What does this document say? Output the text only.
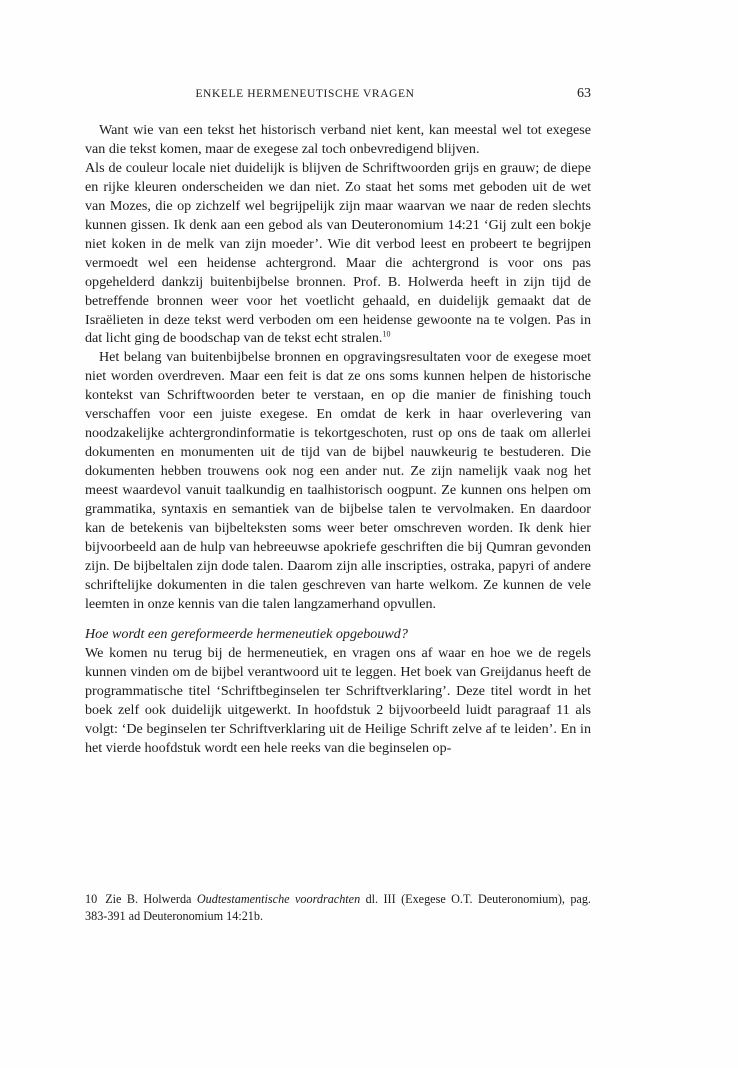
ENKELE HERMENEUTISCHE VRAGEN	63

Want wie van een tekst het historisch verband niet kent, kan meestal wel tot exegese van die tekst komen, maar de exegese zal toch onbevredigend blijven.

Als de couleur locale niet duidelijk is blijven de Schriftwoorden grijs en grauw; de diepe en rijke kleuren onderscheiden we dan niet. Zo staat het soms met geboden uit de wet van Mozes, die op zichzelf wel begrijpelijk zijn maar waarvan we naar de reden slechts kunnen gissen. Ik denk aan een gebod als van Deuteronomium 14:21 ‘Gij zult een bokje niet koken in de melk van zijn moeder’. Wie dit verbod leest en probeert te begrijpen vermoedt wel een heidense achtergrond. Maar die achtergrond is voor ons pas opgehelderd dankzij buitenbijbelse bronnen. Prof. B. Holwerda heeft in zijn tijd de betreffende bronnen weer voor het voetlicht gehaald, en duidelijk gemaakt dat de Israëlieten in deze tekst werd verboden om een heidense gewoonte na te volgen. Pas in dat licht ging de boodschap van de tekst echt stralen.$^{10}$

Het belang van buitenbijbelse bronnen en opgravingsresultaten voor de exegese moet niet worden overdreven. Maar een feit is dat ze ons soms kunnen helpen de historische kontekst van Schriftwoorden beter te verstaan, en op die manier de finishing touch verschaffen voor een juiste exegese. En omdat de kerk in haar overlevering van noodzakelijke achtergrondinformatie is tekortgeschoten, rust op ons de taak om allerlei dokumenten en monumenten uit de tijd van de bijbel nauwkeurig te bestuderen. Die dokumenten hebben trouwens ook nog een ander nut. Ze zijn namelijk vaak nog het meest waardevol vanuit taalkundig en taalhistorisch oogpunt. Ze kunnen ons helpen om grammatika, syntaxis en semantiek van de bijbelse talen te vervolmaken. En daardoor kan de betekenis van bijbelteksten soms weer beter omschreven worden. Ik denk hier bijvoorbeeld aan de hulp van hebreeuwse apokriefe geschriften die bij Qumran gevonden zijn. De bijbeltalen zijn dode talen. Daarom zijn alle inscripties, ostraka, papyri of andere schriftelijke dokumenten in die talen geschreven van harte welkom. Ze kunnen de vele leemten in onze kennis van die talen langzamerhand opvullen.

Hoe wordt een gereformeerde hermeneutiek opgebouwd?

We komen nu terug bij de hermeneutiek, en vragen ons af waar en hoe we de regels kunnen vinden om de bijbel verantwoord uit te leggen. Het boek van Greijdanus heeft de programmatische titel ‘Schriftbeginselen ter Schriftverklaring’. Deze titel wordt in het boek zelf ook duidelijk uitgewerkt. In hoofdstuk 2 bijvoorbeeld luidt paragraaf 11 als volgt: ‘De beginselen ter Schriftverklaring uit de Heilige Schrift zelve af te leiden’. En in het vierde hoofdstuk wordt een hele reeks van die beginselen op-

10 Zie B. Holwerda Oudtestamentische voordrachten dl. III (Exegese O.T. Deuteronomium), pag. 383-391 ad Deuteronomium 14:21b.
